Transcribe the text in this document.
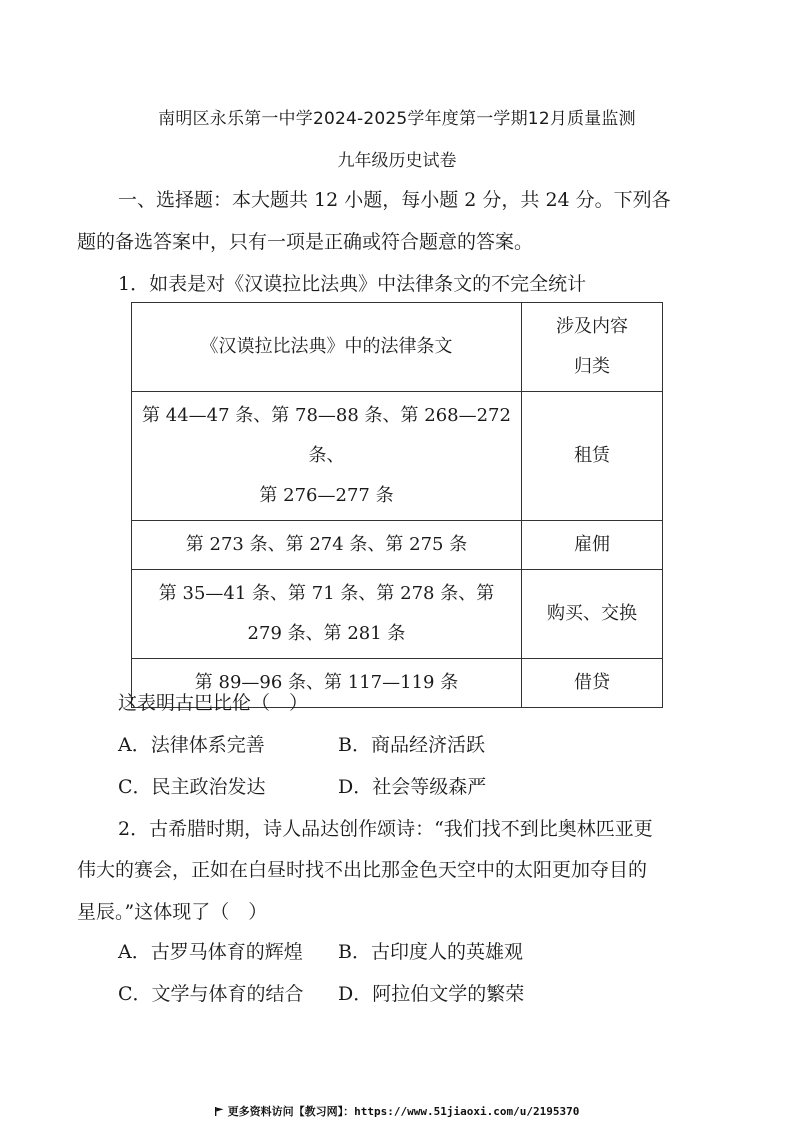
南明区永乐第一中学2024-2025学年度第一学期12月质量监测
九年级历史试卷
一、选择题：本大题共 12 小题，每小题 2 分，共 24 分。下列各
题的备选答案中，只有一项是正确或符合题意的答案。
1．如表是对《汉谟拉比法典》中法律条文的不完全统计
《汉谟拉比法典》中的法律条文	涉及内容
归类

第 44—47 条、第 78—88 条、第 268—272
条、
第 276—277 条	租赁
第 273 条、第 274 条、第 275 条	雇佣

第 35—41 条、第 71 条、第 278 条、第
279 条、第 281 条	购买、交换
第 89—96 条、第 117—119 条	借贷
这表明古巴比伦（　）
A．法律体系完善	B．商品经济活跃
C．民主政治发达	D．社会等级森严
2．古希腊时期，诗人品达创作颂诗：“我们找不到比奥林匹亚更
伟大的赛会，正如在白昼时找不出比那金色天空中的太阳更加夺目的
星辰。”这体现了（　）
A．古罗马体育的辉煌 B．古印度人的英雄观
C．文学与体育的结合 D．阿拉伯文学的繁荣
更多资料访问【教习网】：https://www.51jiaoxi.com/u/2195370
